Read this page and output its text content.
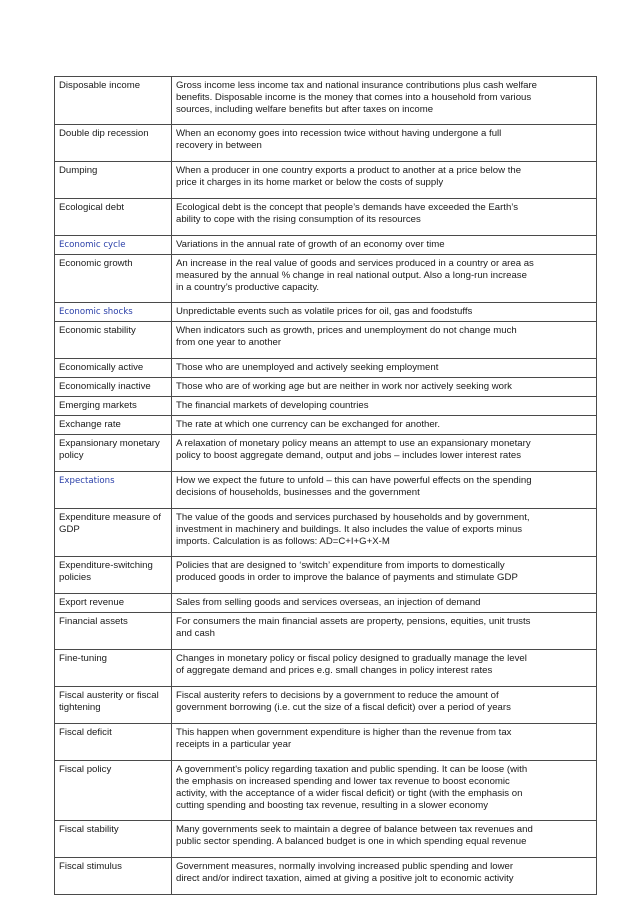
Disposable income	Gross income less income tax and national insurance contributions plus cash welfare
benefits. Disposable income is the money that comes into a household from various
sources, including welfare benefits but after taxes on income

Double dip recession	When an economy goes into recession twice without having undergone a full
recovery in between

Dumping	When a producer in one country exports a product to another at a price below the
price it charges in its home market or below the costs of supply

Ecological debt	Ecological debt is the concept that people’s demands have exceeded the Earth’s
ability to cope with the rising consumption of its resources

Economic cycle	Variations in the annual rate of growth of an economy over time

Economic growth	An increase in the real value of goods and services produced in a country or area as
measured by the annual % change in real national output. Also a long-run increase
in a country’s productive capacity.

Economic shocks	Unpredictable events such as volatile prices for oil, gas and foodstuffs

Economic stability	When indicators such as growth, prices and unemployment do not change much
from one year to another

Economically active	Those who are unemployed and actively seeking employment

Economically inactive	Those who are of working age but are neither in work nor actively seeking work

Emerging markets	The financial markets of developing countries

Exchange rate	The rate at which one currency can be exchanged for another.

Expansionary monetary policy	A relaxation of monetary policy means an attempt to use an expansionary monetary
policy to boost aggregate demand, output and jobs – includes lower interest rates

Expectations	How we expect the future to unfold – this can have powerful effects on the spending
decisions of households, businesses and the government

Expenditure measure of GDP	The value of the goods and services purchased by households and by government,
investment in machinery and buildings. It also includes the value of exports minus
imports. Calculation is as follows: AD=C+I+G+X-M

Expenditure-switching policies	Policies that are designed to ‘switch’ expenditure from imports to domestically
produced goods in order to improve the balance of payments and stimulate GDP

Export revenue	Sales from selling goods and services overseas, an injection of demand

Financial assets	For consumers the main financial assets are property, pensions, equities, unit trusts
and cash

Fine-tuning	Changes in monetary policy or fiscal policy designed to gradually manage the level
of aggregate demand and prices e.g. small changes in policy interest rates

Fiscal austerity or fiscal tightening	Fiscal austerity refers to decisions by a government to reduce the amount of
government borrowing (i.e. cut the size of a fiscal deficit) over a period of years

Fiscal deficit	This happen when government expenditure is higher than the revenue from tax
receipts in a particular year

Fiscal policy	A government's policy regarding taxation and public spending. It can be loose (with
the emphasis on increased spending and lower tax revenue to boost economic
activity, with the acceptance of a wider fiscal deficit) or tight (with the emphasis on
cutting spending and boosting tax revenue, resulting in a slower economy

Fiscal stability	Many governments seek to maintain a degree of balance between tax revenues and
public sector spending. A balanced budget is one in which spending equal revenue

Fiscal stimulus	Government measures, normally involving increased public spending and lower
direct and/or indirect taxation, aimed at giving a positive jolt to economic activity
